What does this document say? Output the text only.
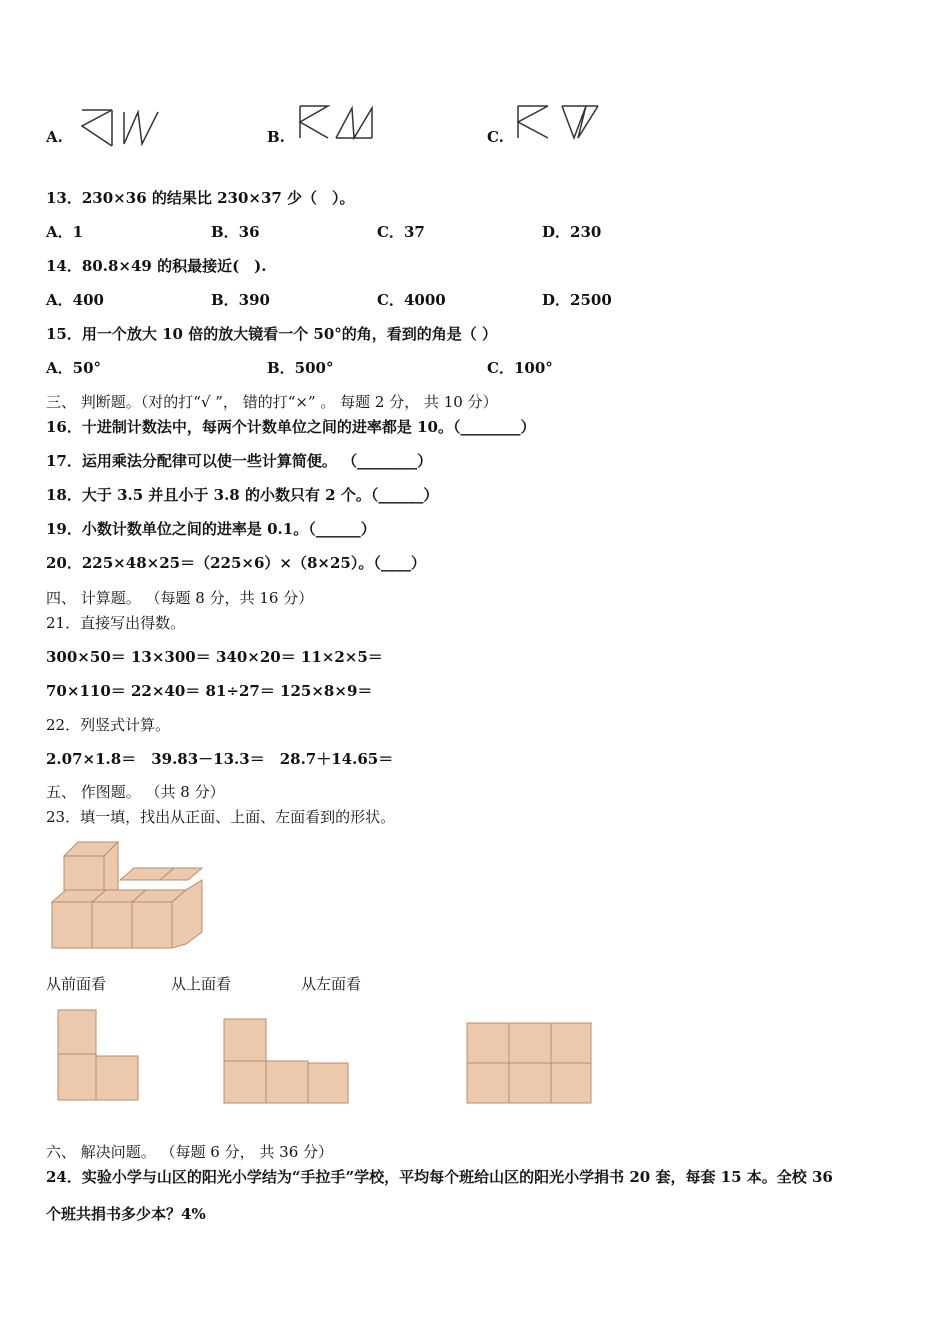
A.	B.	C.
13．230×36 的结果比 230×37 少（　）。
A．1	B．36	C．37	D．230
14．80.8×49 的积最接近(　).
A．400	B．390	C．4000	D．2500
15．用一个放大 10 倍的放大镜看一个 50°的角，看到的角是（ ）
A．50°	B．500°	C．100°
三、 判断题。（对的打“√ ”， 错的打“×” 。 每题 2 分， 共 10 分）
16．十进制计数法中，每两个计数单位之间的进率都是 10。（________）
17．运用乘法分配律可以使一些计算简便。 （________）
18．大于 3.5 并且小于 3.8 的小数只有 2 个。（______）
19．小数计数单位之间的进率是 0.1。（______）
20．225×48×25＝（225×6）×（8×25）。（____）
四、 计算题。 （每题 8 分，共 16 分）
21．直接写出得数。
300×50＝ 13×300＝ 340×20＝ 11×2×5＝
70×110＝ 22×40＝ 81÷27＝ 125×8×9＝
22．列竖式计算。
2.07×1.8＝　39.83－13.3＝　28.7＋14.65＝
五、 作图题。 （共 8 分）
23．填一填，找出从正面、上面、左面看到的形状。
从前面看	从上面看	从左面看
六、 解决问题。 （每题 6 分， 共 36 分）
24．实验小学与山区的阳光小学结为“手拉手”学校，平均每个班给山区的阳光小学捐书 20 套，每套 15 本。全校 36
个班共捐书多少本？4%
